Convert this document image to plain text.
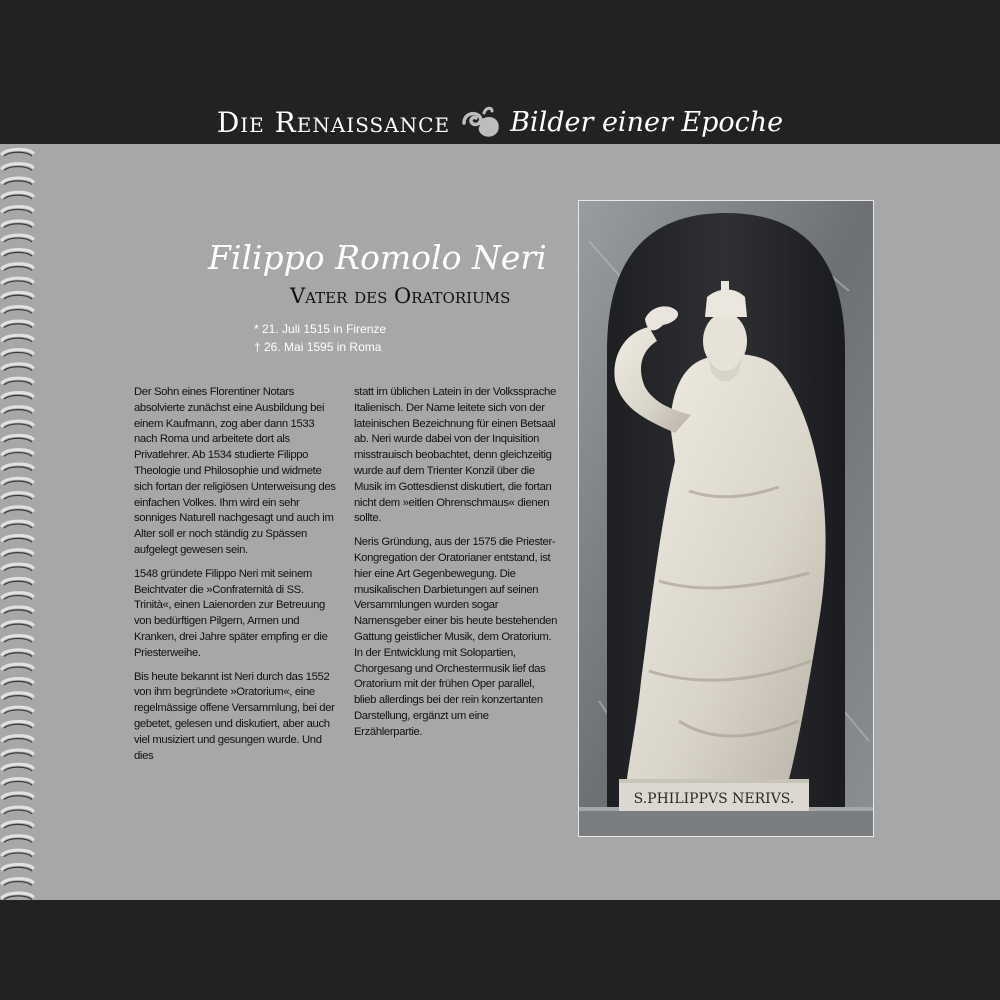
Die Renaissance Bilder einer Epoche
Filippo Romolo Neri
Vater des Oratoriums
* 21. Juli 1515 in Firenze
† 26. Mai 1595 in Roma

Der Sohn eines Florentiner Notars absolvierte zunächst eine Ausbildung bei einem Kaufmann, zog aber dann 1533 nach Roma und arbeitete dort als Privatlehrer. Ab 1534 studierte Filippo Theologie und Philosophie und widmete sich fortan der religiösen Unterweisung des einfachen Volkes. Ihm wird ein sehr sonniges Naturell nachgesagt und auch im Alter soll er noch ständig zu Spässen aufgelegt gewesen sein.

1548 gründete Filippo Neri mit seinem Beichtvater die »Confraternità di SS. Trinità«, einen Laienorden zur Betreuung von bedürftigen Pilgern, Armen und Kranken, drei Jahre später empfing er die Priesterweihe.

Bis heute bekannt ist Neri durch das 1552 von ihm begründete »Oratorium«, eine regelmässige offene Versammlung, bei der gebetet, gelesen und diskutiert, aber auch viel musiziert und gesungen wurde. Und dies

statt im üblichen Latein in der Volkssprache Italienisch. Der Name leitete sich von der lateinischen Bezeichnung für einen Betsaal ab. Neri wurde dabei von der Inquisition misstrauisch beobachtet, denn gleichzeitig wurde auf dem Trienter Konzil über die Musik im Gottesdienst diskutiert, die fortan nicht dem »eitlen Ohrenschmaus« dienen sollte.

Neris Gründung, aus der 1575 die Priester-Kongregation der Oratorianer entstand, ist hier eine Art Gegenbewegung. Die musikalischen Darbietungen auf seinen Versammlungen wurden sogar Namensgeber einer bis heute bestehenden Gattung geistlicher Musik, dem Oratorium. In der Entwicklung mit Solopartien, Chorgesang und Orchestermusik lief das Oratorium mit der frühen Oper parallel, blieb allerdings bei der rein konzertanten Darstellung, ergänzt um eine Erzählerpartie.

S.PHILIPPVS NERIVS.
